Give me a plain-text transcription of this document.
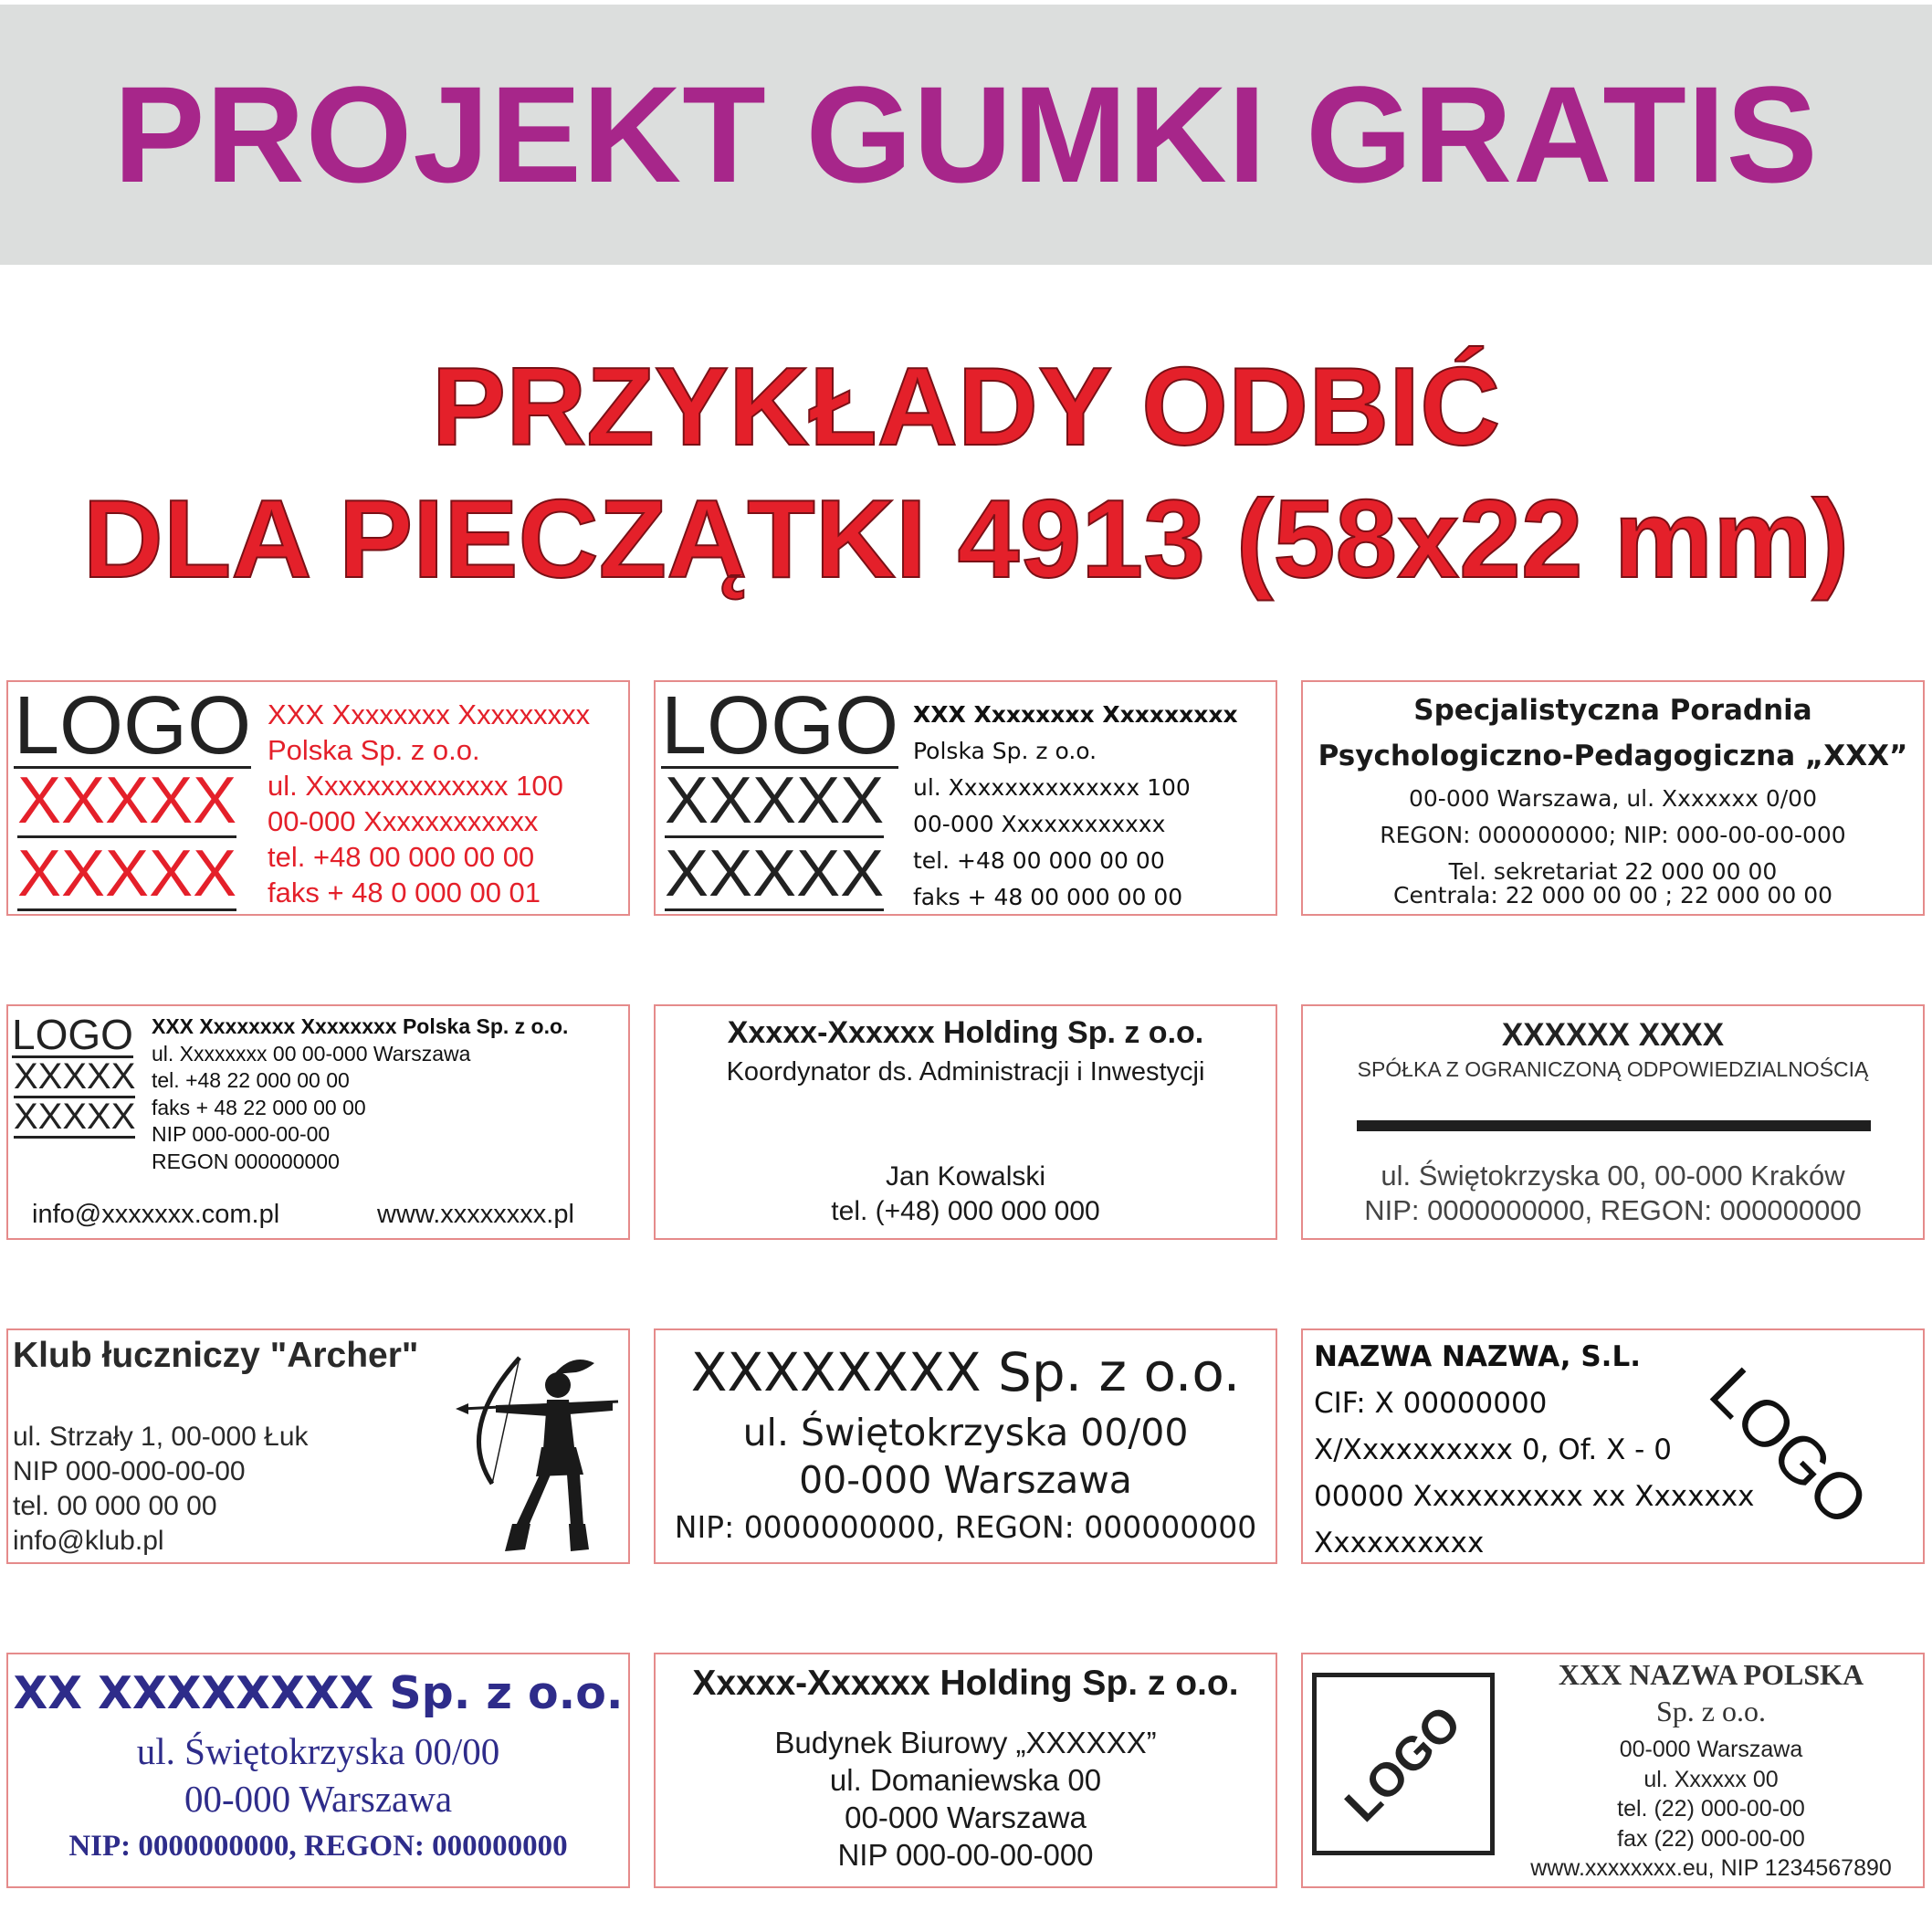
PROJEKT GUMKI GRATIS
PRZYKŁADY ODBIĆ
DLA PIECZĄTKI 4913 (58x22 mm)
LOGO
XXXXX
XXXXX
XXX Xxxxxxxx Xxxxxxxxx
Polska Sp. z o.o.
ul. Xxxxxxxxxxxxxx 100
00-000 Xxxxxxxxxxxx
tel. +48 00 000 00 00
faks + 48 0 000 00 01
LOGO
XXXXX
XXXXX
XXX Xxxxxxxx Xxxxxxxxx
Polska Sp. z o.o.
ul. Xxxxxxxxxxxxxx 100
00-000 Xxxxxxxxxxxx
tel. +48 00 000 00 00
faks + 48 00 000 00 00
Specjalistyczna Poradnia
Psychologiczno-Pedagogiczna „XXX”
00-000 Warszawa, ul. Xxxxxxx 0/00
REGON: 000000000; NIP: 000-00-00-000
Tel. sekretariat 22 000 00 00
Centrala: 22 000 00 00 ; 22 000 00 00
LOGO
XXXXX
XXXXX
XXX Xxxxxxxx Xxxxxxxx Polska Sp. z o.o.
ul. Xxxxxxxx 00 00-000 Warszawa
tel. +48 22 000 00 00
faks + 48 22 000 00 00
NIP 000-000-00-00
REGON 000000000
info@xxxxxxx.com.pl	www.xxxxxxxx.pl
Xxxxx-Xxxxxx Holding Sp. z o.o.
Koordynator ds. Administracji i Inwestycji
Jan Kowalski
tel. (+48) 000 000 000
XXXXXX XXXX
SPÓŁKA Z OGRANICZONĄ ODPOWIEDZIALNOŚCIĄ
ul. Świętokrzyska 00, 00-000 Kraków
NIP: 0000000000, REGON: 000000000
Klub łuczniczy "Archer"
ul. Strzały 1, 00-000 Łuk
NIP 000-000-00-00
tel. 00 000 00 00
info@klub.pl
XXXXXXXX Sp. z o.o.
ul. Świętokrzyska 00/00
00-000 Warszawa
NIP: 0000000000, REGON: 000000000
NAZWA NAZWA, S.L.
CIF: X 00000000
X/Xxxxxxxxxx 0, Of. X - 0
00000 Xxxxxxxxxx xx Xxxxxxx
Xxxxxxxxxx
LOGO
XX XXXXXXXX Sp. z o.o.
ul. Świętokrzyska 00/00
00-000 Warszawa
NIP: 0000000000, REGON: 000000000
Xxxxx-Xxxxxx Holding Sp. z o.o.
Budynek Biurowy „XXXXXX”
ul. Domaniewska 00
00-000 Warszawa
NIP 000-00-00-000
LOGO
XXX NAZWA POLSKA
Sp. z o.o.
00-000 Warszawa
ul. Xxxxxx 00
tel. (22) 000-00-00
fax (22) 000-00-00
www.xxxxxxxx.eu, NIP 1234567890
